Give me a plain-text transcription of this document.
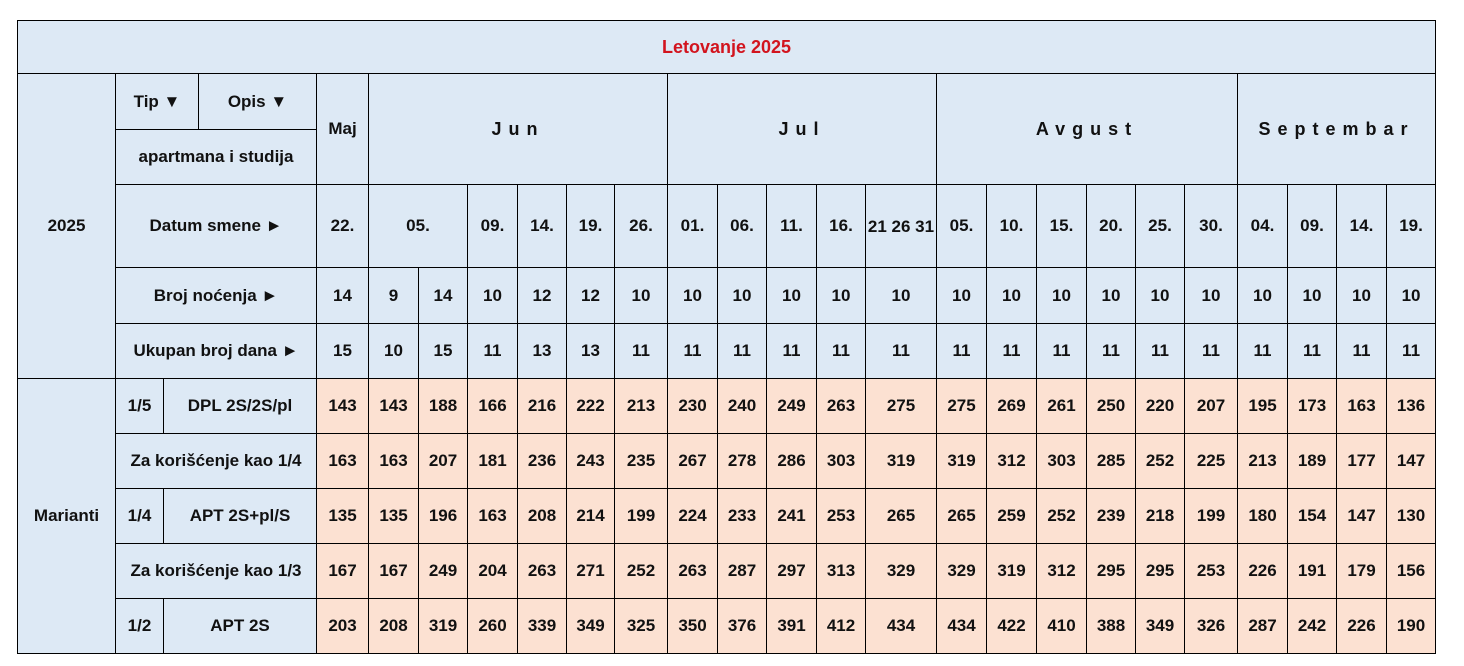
Letovanje 2025																									
2025	Tip ▼		Opis ▼	Maj	Jun						Jul					Avgust						Septembar			
	apartmana i studija																								
	Datum smene ►			22.	05.		09.	14.	19.	26.	01.	06.	11.	16.	21 26 31	05.	10.	15.	20.	25.	30.	04.	09.	14.	19.
	Broj noćenja ►			14	9	14	10	12	12	10	10	10	10	10	10	10	10	10	10	10	10	10	10	10	10
	Ukupan broj dana ►			15	10	15	11	13	13	11	11	11	11	11	11	11	11	11	11	11	11	11	11	11	11
Marianti	1/5	DPL 2S/2S/pl		143	143	188	166	216	222	213	230	240	249	263	275	275	269	261	250	220	207	195	173	163	136
	Za korišćenje kao 1/4			163	163	207	181	236	243	235	267	278	286	303	319	319	312	303	285	252	225	213	189	177	147
	1/4	APT 2S+pl/S		135	135	196	163	208	214	199	224	233	241	253	265	265	259	252	239	218	199	180	154	147	130
	Za korišćenje kao 1/3			167	167	249	204	263	271	252	263	287	297	313	329	329	319	312	295	295	253	226	191	179	156
	1/2	APT 2S		203	208	319	260	339	349	325	350	376	391	412	434	434	422	410	388	349	326	287	242	226	190
